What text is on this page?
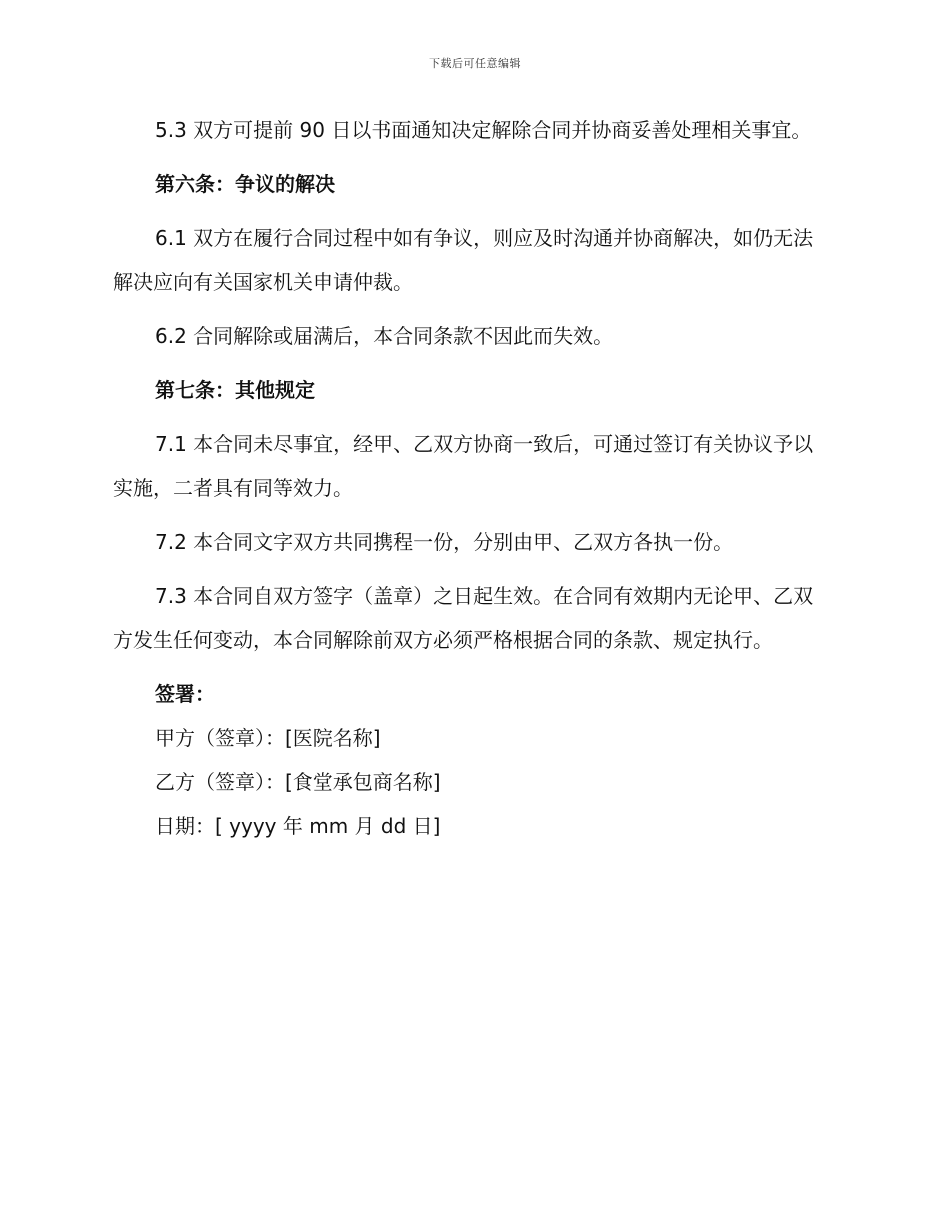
下载后可任意编辑

5.3 双方可提前 90 日以书面通知决定解除合同并协商妥善处理相关事宜。

第六条：争议的解决

6.1 双方在履行合同过程中如有争议，则应及时沟通并协商解决，如仍无法解决应向有关国家机关申请仲裁。

6.2 合同解除或届满后，本合同条款不因此而失效。

第七条：其他规定

7.1 本合同未尽事宜，经甲、乙双方协商一致后，可通过签订有关协议予以实施，二者具有同等效力。

7.2 本合同文字双方共同携程一份，分别由甲、乙双方各执一份。

7.3 本合同自双方签字（盖章）之日起生效。在合同有效期内无论甲、乙双方发生任何变动，本合同解除前双方必须严格根据合同的条款、规定执行。

签署：

甲方（签章）：[医院名称]

乙方（签章）：[食堂承包商名称]

日期：[ yyyy 年 mm 月 dd 日]
